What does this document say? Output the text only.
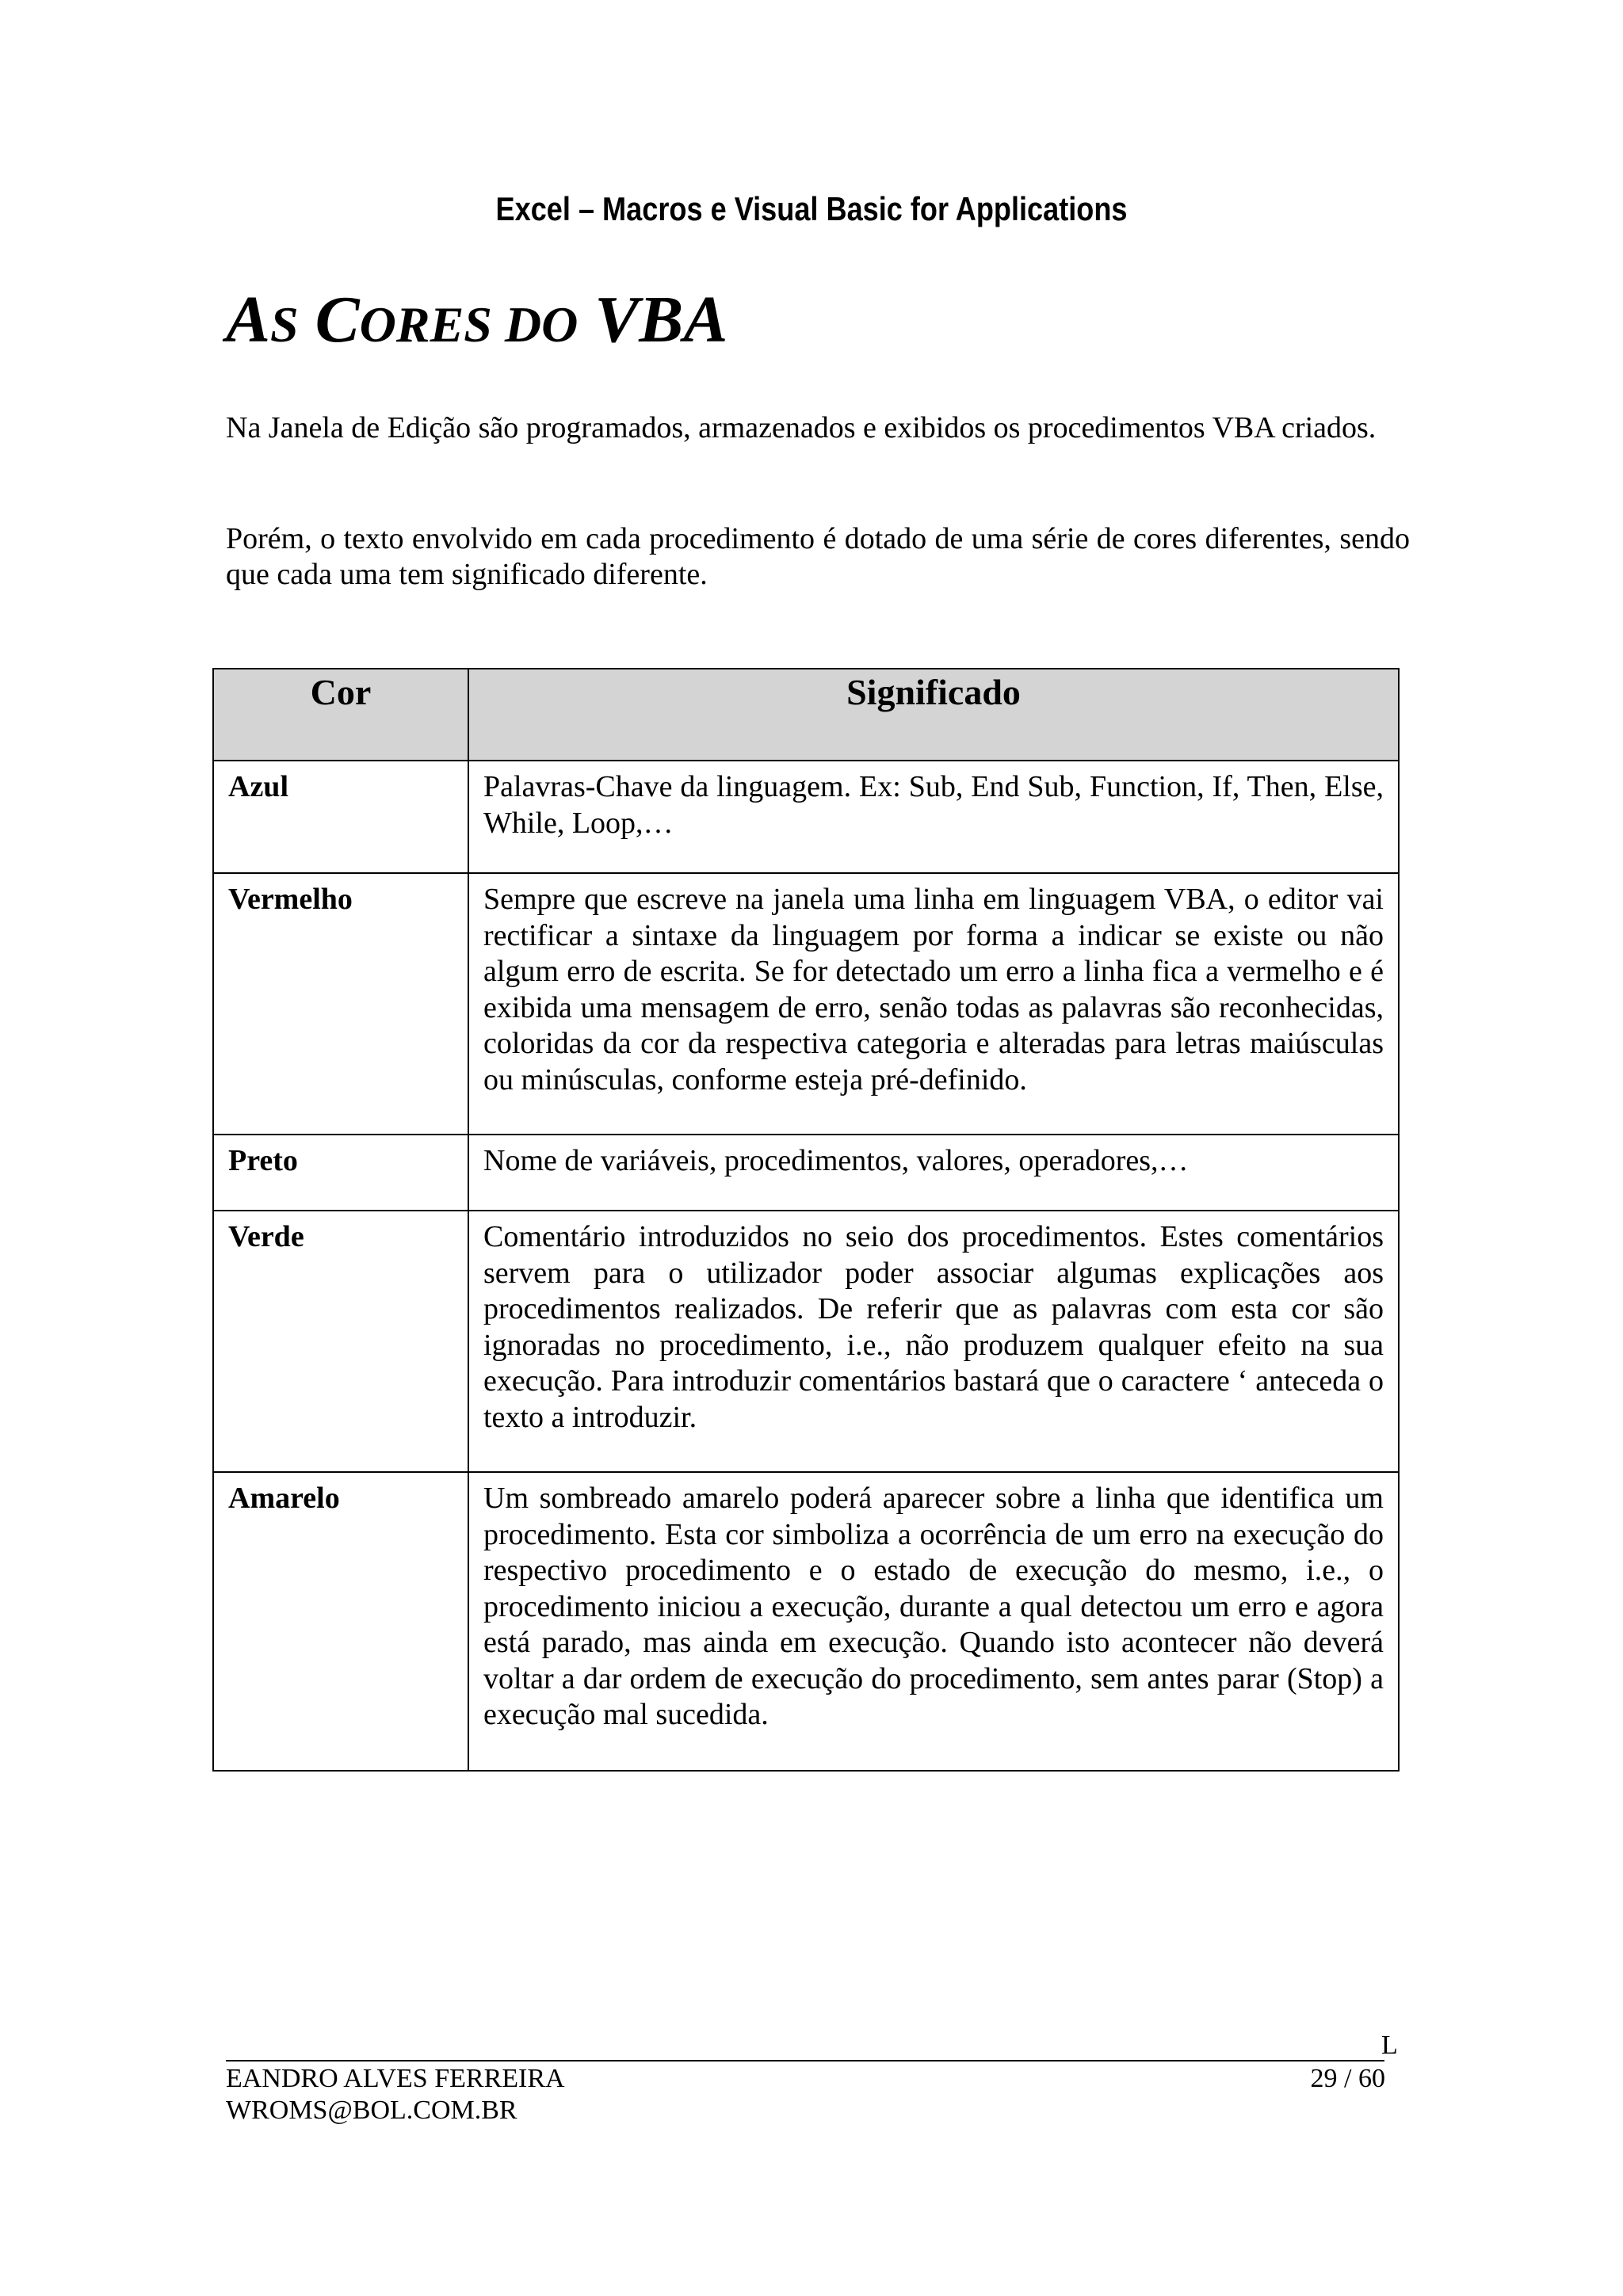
Excel – Macros e Visual Basic for Applications
AS CORES DO VBA

Na Janela de Edição são programados, armazenados e exibidos os procedimentos VBA criados.

Porém, o texto envolvido em cada procedimento é dotado de uma série de cores diferentes, sendo que cada uma tem significado diferente.

Cor	Significado
Azul	Palavras-Chave da linguagem. Ex: Sub, End Sub, Function, If, Then, Else, While, Loop,…
Vermelho	Sempre que escreve na janela uma linha em linguagem VBA, o editor vai rectificar a sintaxe da linguagem por forma a indicar se existe ou não algum erro de escrita. Se for detectado um erro a linha fica a vermelho e é exibida uma mensagem de erro, senão todas as palavras são reconhecidas, coloridas da cor da respectiva categoria e alteradas para letras maiúsculas ou minúsculas, conforme esteja pré-definido.
Preto	Nome de variáveis, procedimentos, valores, operadores,…
Verde	Comentário introduzidos no seio dos procedimentos. Estes comentários servem para o utilizador poder associar algumas explicações aos procedimentos realizados. De referir que as palavras com esta cor são ignoradas no procedimento, i.e., não produzem qualquer efeito na sua execução. Para introduzir comentários bastará que o caractere ‘ anteceda o texto a introduzir.
Amarelo	Um sombreado amarelo poderá aparecer sobre a linha que identifica um procedimento. Esta cor simboliza a ocorrência de um erro na execução do respectivo procedimento e o estado de execução do mesmo, i.e., o procedimento iniciou a execução, durante a qual detectou um erro e agora está parado, mas ainda em execução. Quando isto acontecer não deverá voltar a dar ordem de execução do procedimento, sem antes parar (Stop) a execução mal sucedida.
L
EANDRO ALVES FERREIRA
WROMS@BOL.COM.BR
29 / 60
